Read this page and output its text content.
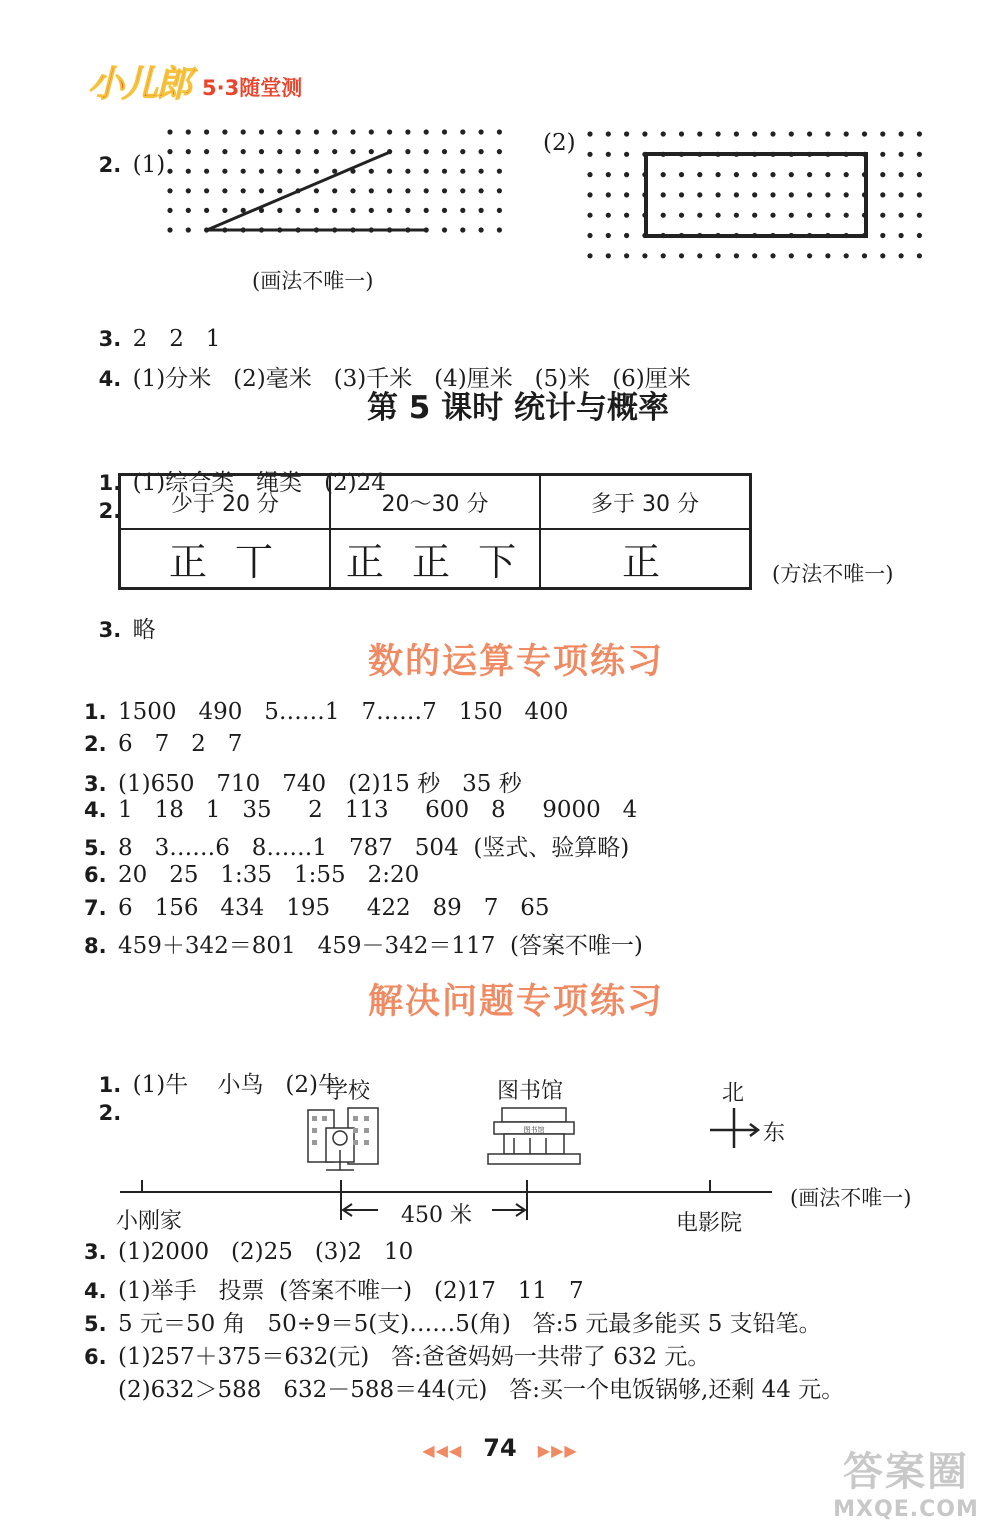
小儿郎 5·3随堂测

2. (1)

(2)
(画法不唯一)

3. 2   2   1

4. (1)分米   (2)毫米   (3)千米   (4)厘米   (5)米   (6)厘米

第 5 课时 统计与概率

1. (1)综合类   绳类   (2)24

2.	少于 20 分	20～30 分	多于 30 分
正 丅	正 正 下	正	(方法不唯一)

3. 略

数的运算专项练习
1. 1500   490   5……1   7……7   150   400
2. 6   7   2   7
3. (1)650   710   740   (2)15 秒   35 秒
4. 1   18   1   35     2   113     600   8     9000   4
5. 8   3……6   8……1   787   504  (竖式、验算略)
6. 20   25   1:35   1:55   2:20
7. 6   156   434   195     422   89   7   65
8. 459＋342＝801   459－342＝117  (答案不唯一)
解决问题专项练习

1. (1)牛    小鸟   (2)牛

2.

学校	图书馆	北
东
图书馆
450 米
小刚家	电影院
(画法不唯一)
3. (1)2000   (2)25   (3)2   10
4. (1)举手   投票  (答案不唯一)   (2)17   11   7
5. 5 元＝50 角   50÷9＝5(支)……5(角)   答:5 元最多能买 5 支铅笔。
6. (1)257＋375＝632(元)   答:爸爸妈妈一共带了 632 元。
(2)632＞588   632－588＝44(元)   答:买一个电饭锅够,还剩 44 元。
◀◀◀ 74 ▶▶▶	答案圈
MXQE.COM
